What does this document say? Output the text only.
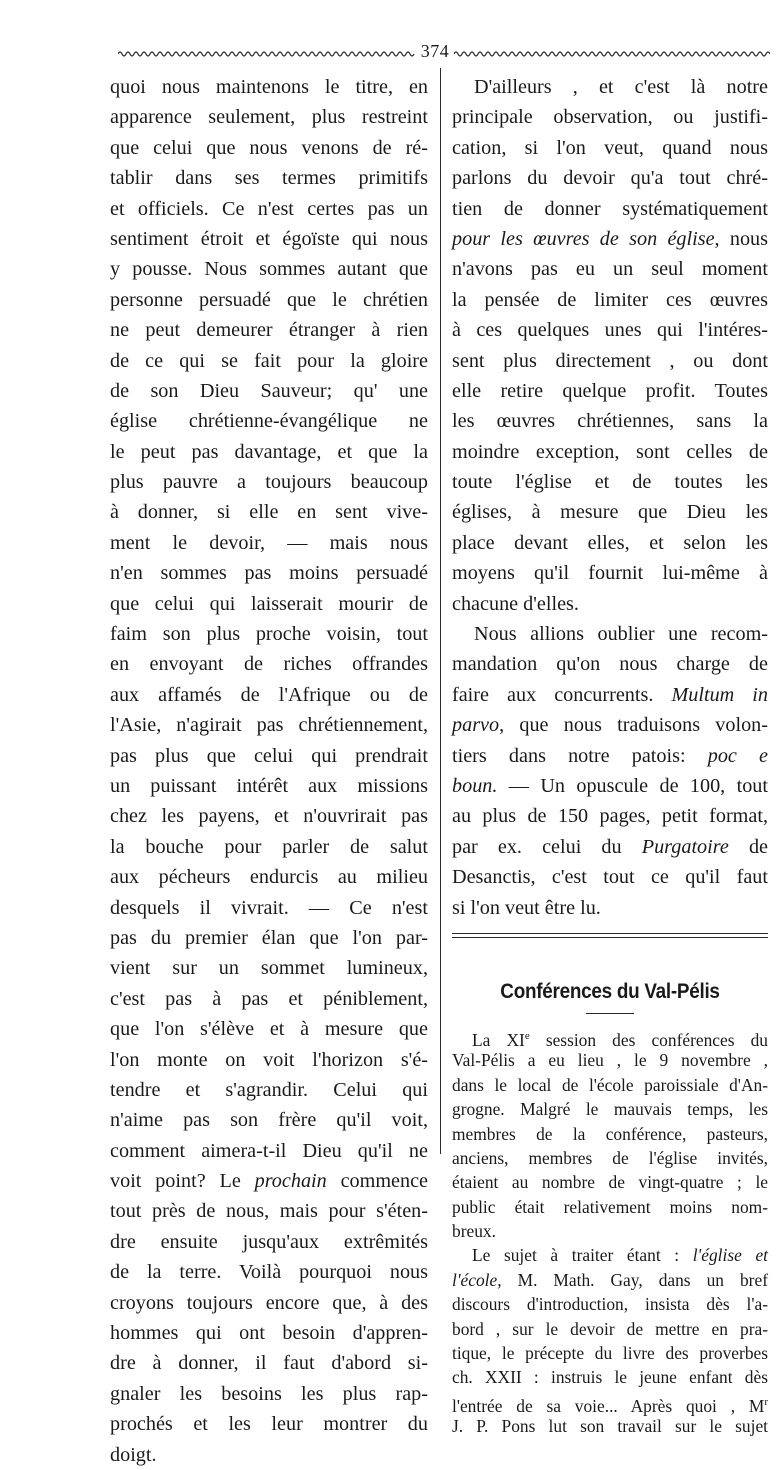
374
quoi nous maintenons le titre, en
apparence seulement, plus restreint
que celui que nous venons de ré-
tablir dans ses termes primitifs
et officiels. Ce n'est certes pas un
sentiment étroit et égoïste qui nous
y pousse. Nous sommes autant que
personne persuadé que le chrétien
ne peut demeurer étranger à rien
de ce qui se fait pour la gloire
de son Dieu Sauveur; qu' une
église chrétienne-évangélique ne
le peut pas davantage, et que la
plus pauvre a toujours beaucoup
à donner, si elle en sent vive-
ment le devoir, — mais nous
n'en sommes pas moins persuadé
que celui qui laisserait mourir de
faim son plus proche voisin, tout
en envoyant de riches offrandes
aux affamés de l'Afrique ou de
l'Asie, n'agirait pas chrétiennement,
pas plus que celui qui prendrait
un puissant intérêt aux missions
chez les payens, et n'ouvrirait pas
la bouche pour parler de salut
aux pécheurs endurcis au milieu
desquels il vivrait. — Ce n'est
pas du premier élan que l'on par-
vient sur un sommet lumineux,
c'est pas à pas et péniblement,
que l'on s'élève et à mesure que
l'on monte on voit l'horizon s'é-
tendre et s'agrandir. Celui qui
n'aime pas son frère qu'il voit,
comment aimera-t-il Dieu qu'il ne
voit point? Le prochain commence
tout près de nous, mais pour s'éten-
dre ensuite jusqu'aux extrêmités
de la terre. Voilà pourquoi nous
croyons toujours encore que, à des
hommes qui ont besoin d'appren-
dre à donner, il faut d'abord si-
gnaler les besoins les plus rap-
prochés et les leur montrer du
doigt.
D'ailleurs , et c'est là notre
principale observation, ou justifi-
cation, si l'on veut, quand nous
parlons du devoir qu'a tout chré-
tien de donner systématiquement
pour les œuvres de son église, nous
n'avons pas eu un seul moment
la pensée de limiter ces œuvres
à ces quelques unes qui l'intéres-
sent plus directement , ou dont
elle retire quelque profit. Toutes
les œuvres chrétiennes, sans la
moindre exception, sont celles de
toute l'église et de toutes les
églises, à mesure que Dieu les
place devant elles, et selon les
moyens qu'il fournit lui-même à
chacune d'elles.
Nous allions oublier une recom-
mandation qu'on nous charge de
faire aux concurrents. Multum in
parvo, que nous traduisons volon-
tiers dans notre patois: poc e
boun. — Un opuscule de 100, tout
au plus de 150 pages, petit format,
par ex. celui du Purgatoire de
Desanctis, c'est tout ce qu'il faut
si l'on veut être lu.
Conférences du Val-Pélis
La XIe session des conférences du
Val-Pélis a eu lieu , le 9 novembre ,
dans le local de l'école paroissiale d'An-
grogne. Malgré le mauvais temps, les
membres de la conférence, pasteurs,
anciens, membres de l'église invités,
étaient au nombre de vingt-quatre ; le
public était relativement moins nom-
breux.
Le sujet à traiter étant : l'église et
l'école, M. Math. Gay, dans un bref
discours d'introduction, insista dès l'a-
bord , sur le devoir de mettre en pra-
tique, le précepte du livre des proverbes
ch. XXII : instruis le jeune enfant dès
l'entrée de sa voie... Après quoi , $M^r$
J. P. Pons lut son travail sur le sujet
